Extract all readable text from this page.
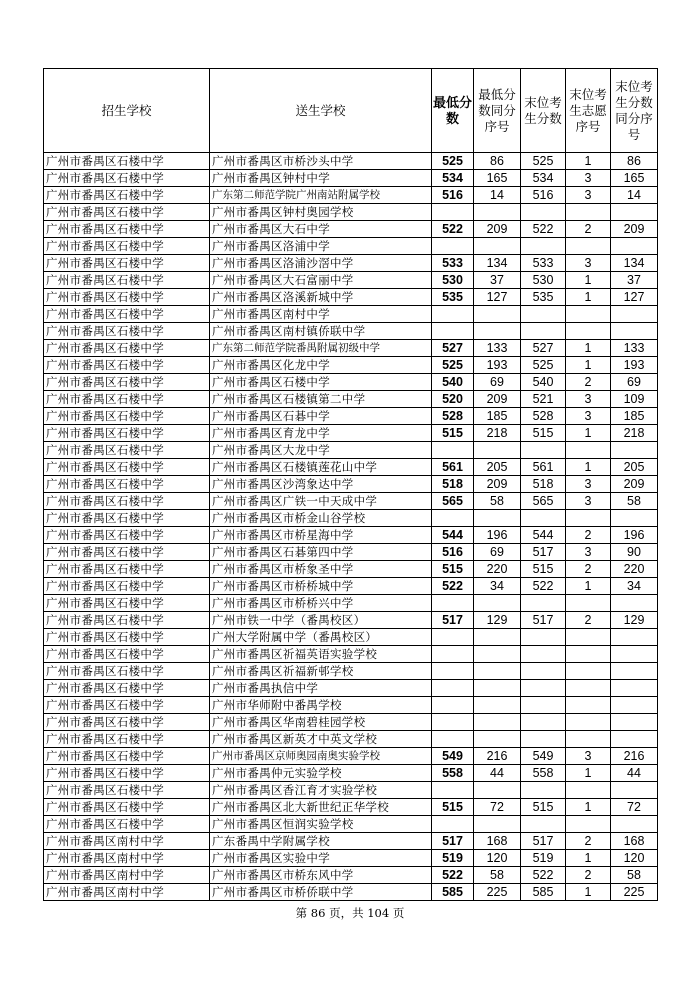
招生学校	送生学校	最低分数	最低分数同分序号	末位考生分数	末位考生志愿序号	末位考生分数同分序号
广州市番禺区石楼中学	广州市番禺区市桥沙头中学	525	86	525	1	86
广州市番禺区石楼中学	广州市番禺区钟村中学	534	165	534	3	165
广州市番禺区石楼中学	广东第二师范学院广州南站附属学校	516	14	516	3	14
广州市番禺区石楼中学	广州市番禺区钟村奥园学校					
广州市番禺区石楼中学	广州市番禺区大石中学	522	209	522	2	209
广州市番禺区石楼中学	广州市番禺区洛浦中学					
广州市番禺区石楼中学	广州市番禺区洛浦沙滘中学	533	134	533	3	134
广州市番禺区石楼中学	广州市番禺区大石富丽中学	530	37	530	1	37
广州市番禺区石楼中学	广州市番禺区洛溪新城中学	535	127	535	1	127
广州市番禺区石楼中学	广州市番禺区南村中学					
广州市番禺区石楼中学	广州市番禺区南村镇侨联中学					
广州市番禺区石楼中学	广东第二师范学院番禺附属初级中学	527	133	527	1	133
广州市番禺区石楼中学	广州市番禺区化龙中学	525	193	525	1	193
广州市番禺区石楼中学	广州市番禺区石楼中学	540	69	540	2	69
广州市番禺区石楼中学	广州市番禺区石楼镇第二中学	520	209	521	3	109
广州市番禺区石楼中学	广州市番禺区石碁中学	528	185	528	3	185
广州市番禺区石楼中学	广州市番禺区育龙中学	515	218	515	1	218
广州市番禺区石楼中学	广州市番禺区大龙中学					
广州市番禺区石楼中学	广州市番禺区石楼镇莲花山中学	561	205	561	1	205
广州市番禺区石楼中学	广州市番禺区沙湾象达中学	518	209	518	3	209
广州市番禺区石楼中学	广州市番禺区广铁一中天成中学	565	58	565	3	58
广州市番禺区石楼中学	广州市番禺区市桥金山谷学校					
广州市番禺区石楼中学	广州市番禺区市桥星海中学	544	196	544	2	196
广州市番禺区石楼中学	广州市番禺区石碁第四中学	516	69	517	3	90
广州市番禺区石楼中学	广州市番禺区市桥象圣中学	515	220	515	2	220
广州市番禺区石楼中学	广州市番禺区市桥桥城中学	522	34	522	1	34
广州市番禺区石楼中学	广州市番禺区市桥桥兴中学					
广州市番禺区石楼中学	广州市铁一中学（番禺校区）	517	129	517	2	129
广州市番禺区石楼中学	广州大学附属中学（番禺校区）					
广州市番禺区石楼中学	广州市番禺区祈福英语实验学校					
广州市番禺区石楼中学	广州市番禺区祈福新邨学校					
广州市番禺区石楼中学	广州市番禺执信中学					
广州市番禺区石楼中学	广州市华师附中番禺学校					
广州市番禺区石楼中学	广州市番禺区华南碧桂园学校					
广州市番禺区石楼中学	广州市番禺区新英才中英文学校					
广州市番禺区石楼中学	广州市番禺区京师奥园南奥实验学校	549	216	549	3	216
广州市番禺区石楼中学	广州市番禺仲元实验学校	558	44	558	1	44
广州市番禺区石楼中学	广州市番禺区香江育才实验学校					
广州市番禺区石楼中学	广州市番禺区北大新世纪正华学校	515	72	515	1	72
广州市番禺区石楼中学	广州市番禺区恒润实验学校					
广州市番禺区南村中学	广东番禺中学附属学校	517	168	517	2	168
广州市番禺区南村中学	广州市番禺区实验中学	519	120	519	1	120
广州市番禺区南村中学	广州市番禺区市桥东风中学	522	58	522	2	58
广州市番禺区南村中学	广州市番禺区市桥侨联中学	585	225	585	1	225
第 86 页，共 104 页
